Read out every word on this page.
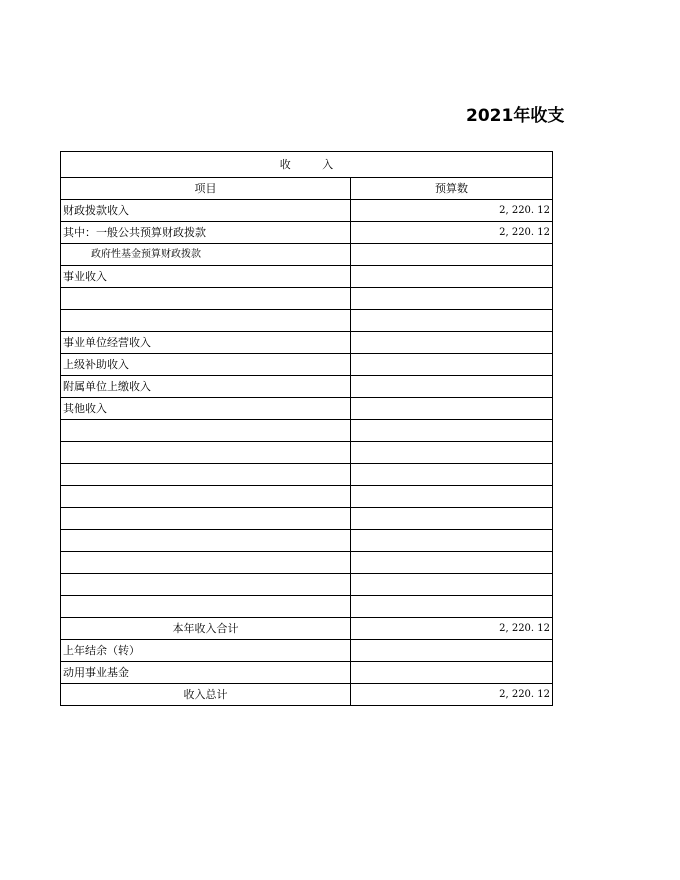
2021年收支
收 入	
项目	预算数
财政拨款收入	2, 220. 12
其中：一般公共预算财政拨款	2, 220. 12
政府性基金预算财政拨款	
事业收入	

事业单位经营收入	
上级补助收入	
附属单位上缴收入	
其他收入	

本年收入合计	2, 220. 12
上年结余（转）	
动用事业基金	
收入总计	2, 220. 12
